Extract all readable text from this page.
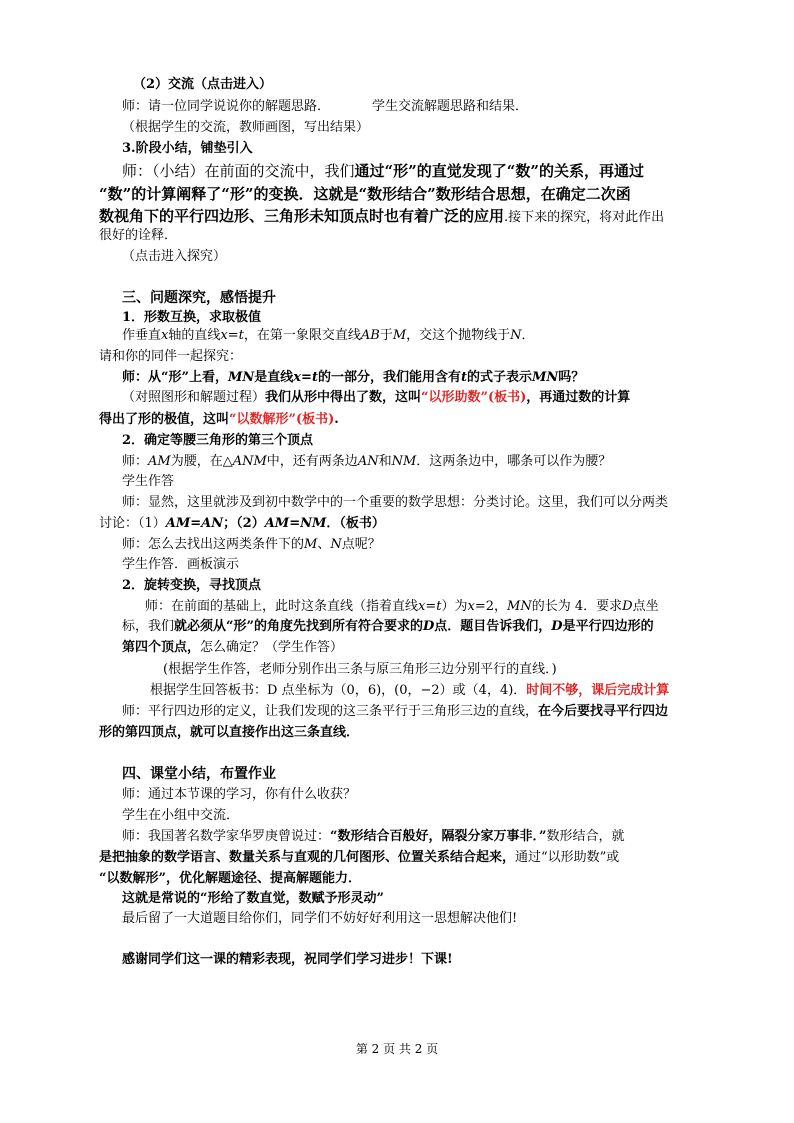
（2）交流（点击进入）
师：请一位同学说说你的解题思路．	学生交流解题思路和结果．
（根据学生的交流，教师画图，写出结果）
3.阶段小结，铺垫引入
师：（小结）在前面的交流中，我们通过“形”的直觉发现了“数”的关系，再通过
“数”的计算阐释了“形”的变换．这就是“数形结合”数形结合思想，在确定二次函
数视角下的平行四边形、三角形未知顶点时也有着广泛的应用.接下来的探究，将对此作出
很好的诠释．
（点击进入探究）
三、问题深究，感悟提升
1．形数互换，求取极值
作垂直x轴的直线x=t，在第一象限交直线AB于M，交这个抛物线于N．
请和你的同伴一起探究：
师：从“形”上看，MN是直线x=t的一部分，我们能用含有t的式子表示MN吗？
（对照图形和解题过程）我们从形中得出了数，这叫“以形助数”(板书)，再通过数的计算
得出了形的极值，这叫“以数解形”(板书).
2．确定等腰三角形的第三个顶点
师：AM为腰，在△ANM中，还有两条边AN和NM．这两条边中，哪条可以作为腰？
学生作答
师：显然，这里就涉及到初中数学中的一个重要的数学思想：分类讨论。这里，我们可以分两类
讨论：（1）AM=AN；（2）AM=NM．（板书）
师：怎么去找出这两类条件下的M、N点呢？
学生作答．画板演示
2．旋转变换，寻找顶点
师：在前面的基础上，此时这条直线（指着直线x=t）为x=2，MN的长为 4．要求D点坐
标，我们就必须从“形”的角度先找到所有符合要求的D点．题目告诉我们，D是平行四边形的
第四个顶点，怎么确定？（学生作答）
(根据学生作答，老师分别作出三条与原三角形三边分别平行的直线．)
根据学生回答板书：D 点坐标为（0，6)，(0，−2）或（4，4)．时间不够，课后完成计算
师：平行四边形的定义，让我们发现的这三条平行于三角形三边的直线，在今后要找寻平行四边
形的第四顶点，就可以直接作出这三条直线．
四、课堂小结，布置作业
师：通过本节课的学习，你有什么收获？
学生在小组中交流．
师：我国著名数学家华罗庚曾说过：“数形结合百般好，隔裂分家万事非．”数形结合，就
是把抽象的数学语言、数量关系与直观的几何图形、位置关系结合起来，通过“以形助数”或
“以数解形”，优化解题途径、提高解题能力．
这就是常说的“形给了数直觉，数赋予形灵动”
最后留了一大道题目给你们，同学们不妨好好利用这一思想解决他们!
感谢同学们这一课的精彩表现，祝同学们学习进步！下课!
第 2 页 共 2 页
